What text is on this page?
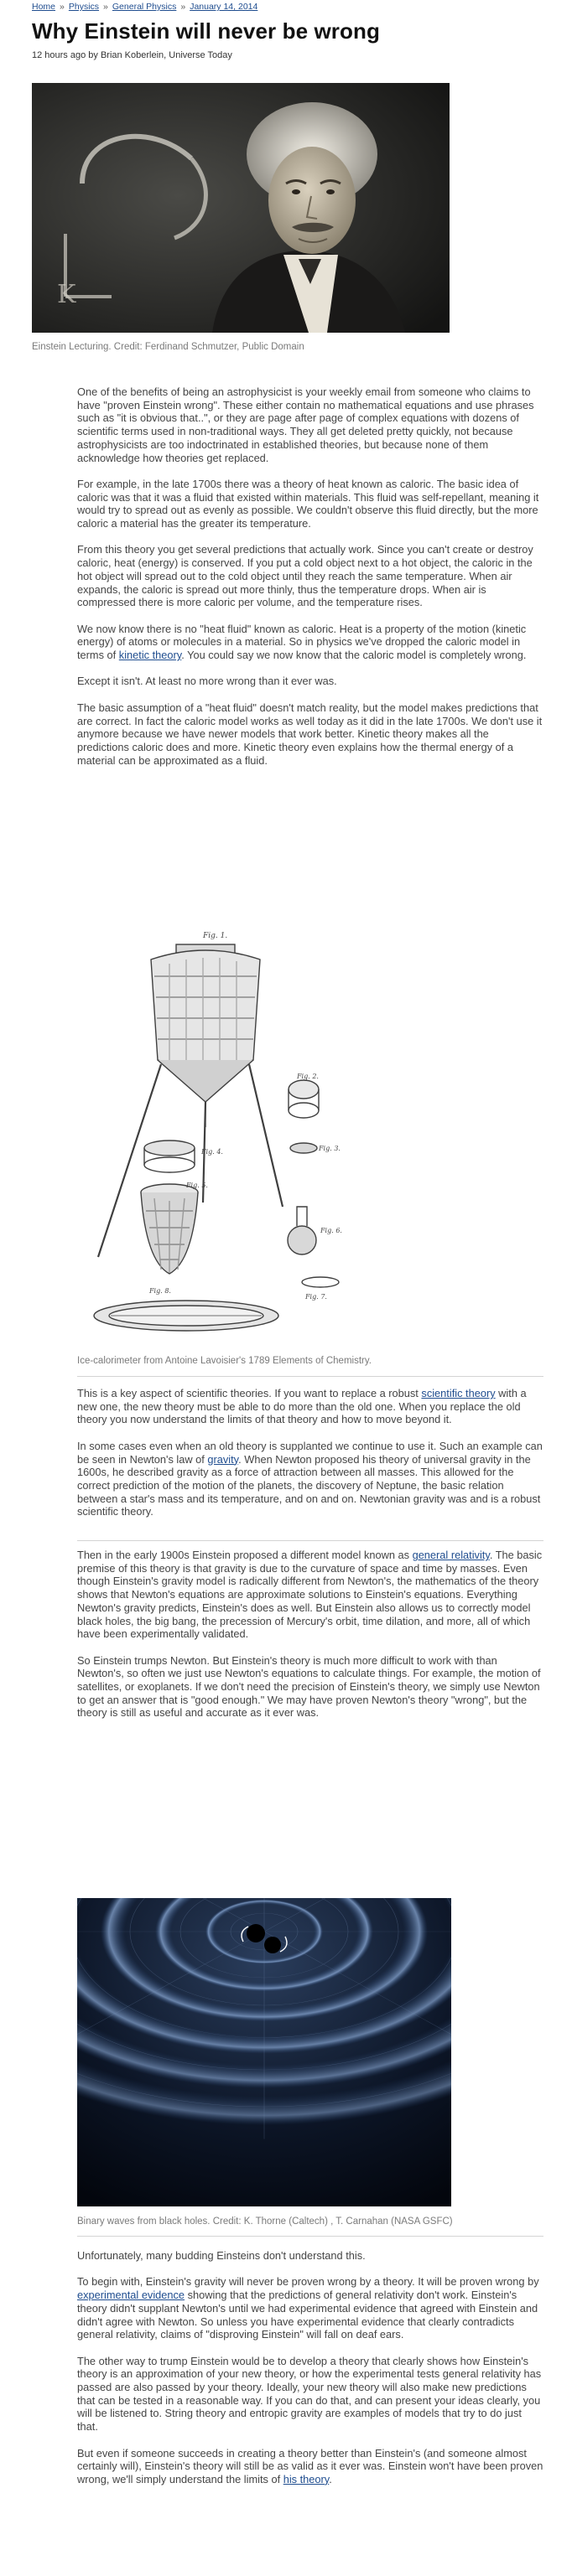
Home » Physics » General Physics » January 14, 2014
Why Einstein will never be wrong
12 hours ago by Brian Koberlein, Universe Today
K
Einstein Lecturing. Credit: Ferdinand Schmutzer, Public Domain

One of the benefits of being an astrophysicist is your weekly email from someone who claims to have "proven Einstein wrong". These either contain no mathematical equations and use phrases such as "it is obvious that..", or they are page after page of complex equations with dozens of scientific terms used in non-traditional ways. They all get deleted pretty quickly, not because astrophysicists are too indoctrinated in established theories, but because none of them acknowledge how theories get replaced.

For example, in the late 1700s there was a theory of heat known as caloric. The basic idea of caloric was that it was a fluid that existed within materials. This fluid was self-repellant, meaning it would try to spread out as evenly as possible. We couldn't observe this fluid directly, but the more caloric a material has the greater its temperature.

From this theory you get several predictions that actually work. Since you can't create or destroy caloric, heat (energy) is conserved. If you put a cold object next to a hot object, the caloric in the hot object will spread out to the cold object until they reach the same temperature. When air expands, the caloric is spread out more thinly, thus the temperature drops. When air is compressed there is more caloric per volume, and the temperature rises.

We now know there is no "heat fluid" known as caloric. Heat is a property of the motion (kinetic energy) of atoms or molecules in a material. So in physics we've dropped the caloric model in terms of kinetic theory. You could say we now know that the caloric model is completely wrong.

Except it isn't. At least no more wrong than it ever was.

The basic assumption of a "heat fluid" doesn't match reality, but the model makes predictions that are correct. In fact the caloric model works as well today as it did in the late 1700s. We don't use it anymore because we have newer models that work better. Kinetic theory makes all the predictions caloric does and more. Kinetic theory even explains how the thermal energy of a material can be approximated as a fluid.

Fig. 1.
Fig. 2.
Fig. 3.
Fig. 4.
Fig. 5.
Fig. 6.
Fig. 7.
Fig. 8.
Ice-calorimeter from Antoine Lavoisier's 1789 Elements of Chemistry.

This is a key aspect of scientific theories. If you want to replace a robust scientific theory with a new one, the new theory must be able to do more than the old one. When you replace the old theory you now understand the limits of that theory and how to move beyond it.

In some cases even when an old theory is supplanted we continue to use it. Such an example can be seen in Newton's law of gravity. When Newton proposed his theory of universal gravity in the 1600s, he described gravity as a force of attraction between all masses. This allowed for the correct prediction of the motion of the planets, the discovery of Neptune, the basic relation between a star's mass and its temperature, and on and on. Newtonian gravity was and is a robust scientific theory.

Then in the early 1900s Einstein proposed a different model known as general relativity. The basic premise of this theory is that gravity is due to the curvature of space and time by masses. Even though Einstein's gravity model is radically different from Newton's, the mathematics of the theory shows that Newton's equations are approximate solutions to Einstein's equations. Everything Newton's gravity predicts, Einstein's does as well. But Einstein also allows us to correctly model black holes, the big bang, the precession of Mercury's orbit, time dilation, and more, all of which have been experimentally validated.

So Einstein trumps Newton. But Einstein's theory is much more difficult to work with than Newton's, so often we just use Newton's equations to calculate things. For example, the motion of satellites, or exoplanets. If we don't need the precision of Einstein's theory, we simply use Newton to get an answer that is "good enough." We may have proven Newton's theory "wrong", but the theory is still as useful and accurate as it ever was.

Binary waves from black holes. Credit: K. Thorne (Caltech) , T. Carnahan (NASA GSFC)

Unfortunately, many budding Einsteins don't understand this.

To begin with, Einstein's gravity will never be proven wrong by a theory. It will be proven wrong by experimental evidence showing that the predictions of general relativity don't work. Einstein's theory didn't supplant Newton's until we had experimental evidence that agreed with Einstein and didn't agree with Newton. So unless you have experimental evidence that clearly contradicts general relativity, claims of "disproving Einstein" will fall on deaf ears.

The other way to trump Einstein would be to develop a theory that clearly shows how Einstein's theory is an approximation of your new theory, or how the experimental tests general relativity has passed are also passed by your theory. Ideally, your new theory will also make new predictions that can be tested in a reasonable way. If you can do that, and can present your ideas clearly, you will be listened to. String theory and entropic gravity are examples of models that try to do just that.

But even if someone succeeds in creating a theory better than Einstein's (and someone almost certainly will), Einstein's theory will still be as valid as it ever was. Einstein won't have been proven wrong, we'll simply understand the limits of his theory.
